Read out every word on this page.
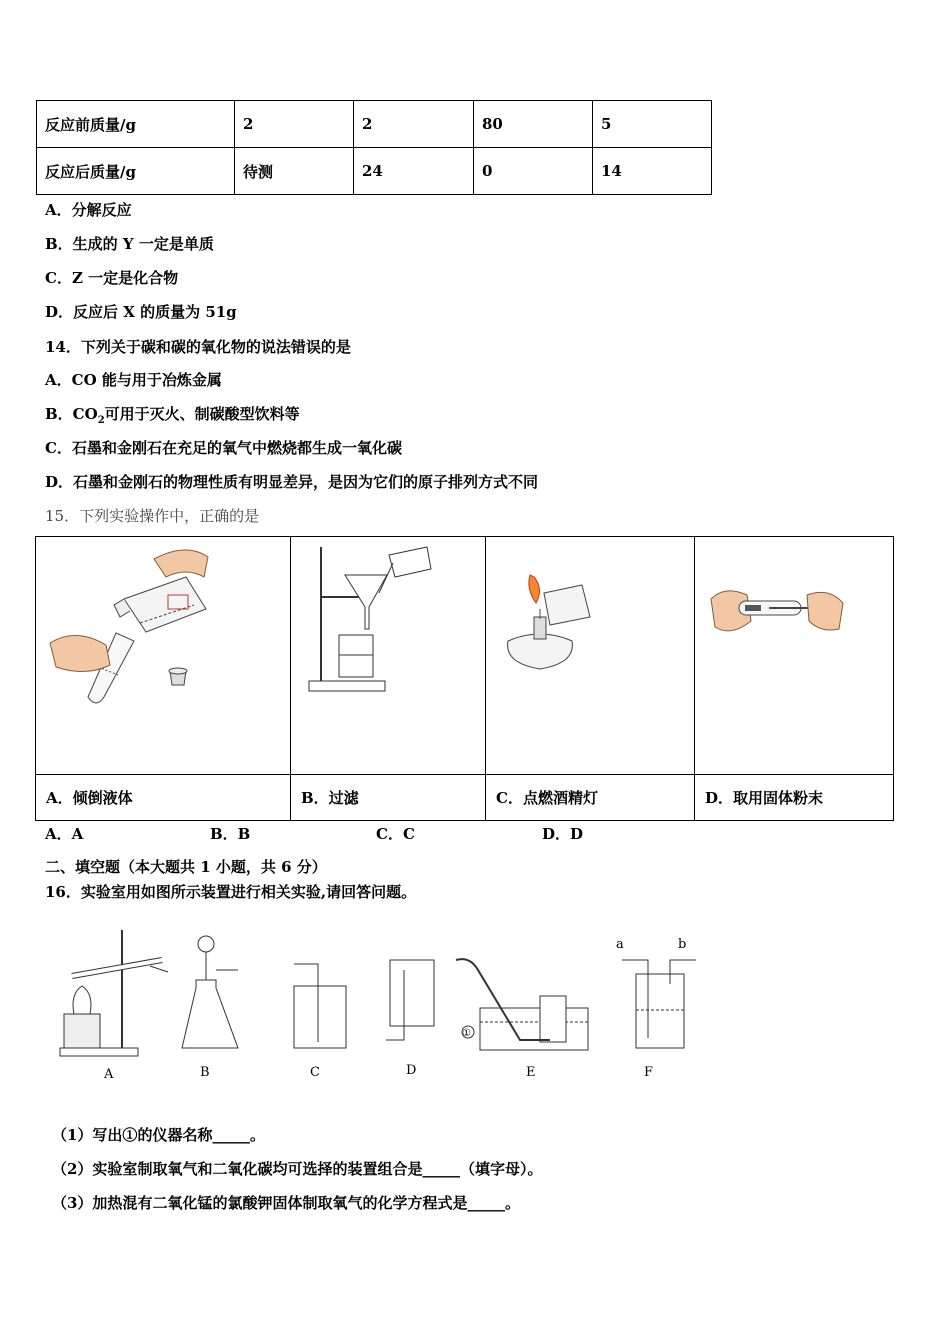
反应前质量/g	2	2	80	5
反应后质量/g	待测	24	0	14
A．分解反应
B．生成的 Y 一定是单质
C．Z 一定是化合物
D．反应后 X 的质量为 51g
14．下列关于碳和碳的氧化物的说法错误的是
A．CO 能与用于冶炼金属
B．$CO_2$可用于灭火、制碳酸型饮料等
C．石墨和金刚石在充足的氧气中燃烧都生成一氧化碳
D．石墨和金刚石的物理性质有明显差异，是因为它们的原子排列方式不同
15．下列实验操作中，正确的是

A．倾倒液体	B．过滤	C．点燃酒精灯	D．取用固体粉末
A．A	B．B	C．C	D．D
二、填空题（本大题共 1 小题，共 6 分）
16．实验室用如图所示装置进行相关实验,请回答问题。
A	B	C	D
①
E
a	b
F
（1）写出①的仪器名称_____。
（2）实验室制取氧气和二氧化碳均可选择的装置组合是_____（填字母）。
（3）加热混有二氧化锰的氯酸钾固体制取氧气的化学方程式是_____。
